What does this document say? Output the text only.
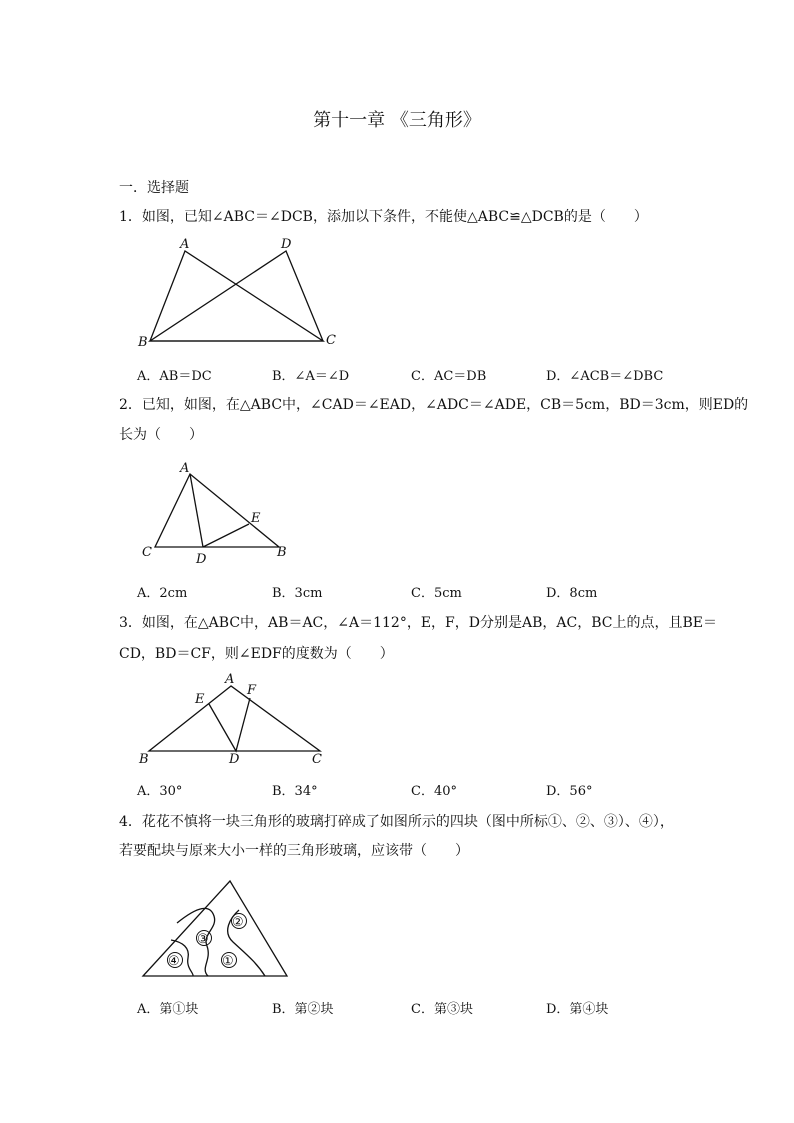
第十一章 《三角形》
一．选择题
1．如图，已知∠ABC＝∠DCB，添加以下条件，不能使△ABC≌△DCB的是（　　）
A	D
B	C
A．AB＝DC	B．∠A＝∠D	C．AC＝DB	D．∠ACB＝∠DBC
2．已知，如图，在△ABC中，∠CAD＝∠EAD，∠ADC＝∠ADE，CB＝5cm，BD＝3cm，则ED的
长为（　　）
A
E
C	D	B
A．2cm	B．3cm	C．5cm	D．8cm
3．如图，在△ABC中，AB＝AC，∠A＝112°，E，F，D分别是AB，AC，BC上的点，且BE＝
CD，BD＝CF，则∠EDF的度数为（　　）
A
E
F
B	D	C
A．30°	B．34°	C．40°	D．56°
4．花花不慎将一块三角形的玻璃打碎成了如图所示的四块（图中所标①、②、③）、④），
若要配块与原来大小一样的三角形玻璃，应该带（　　）
②
③
④	①
A．第①块	B．第②块	C．第③块	D．第④块
